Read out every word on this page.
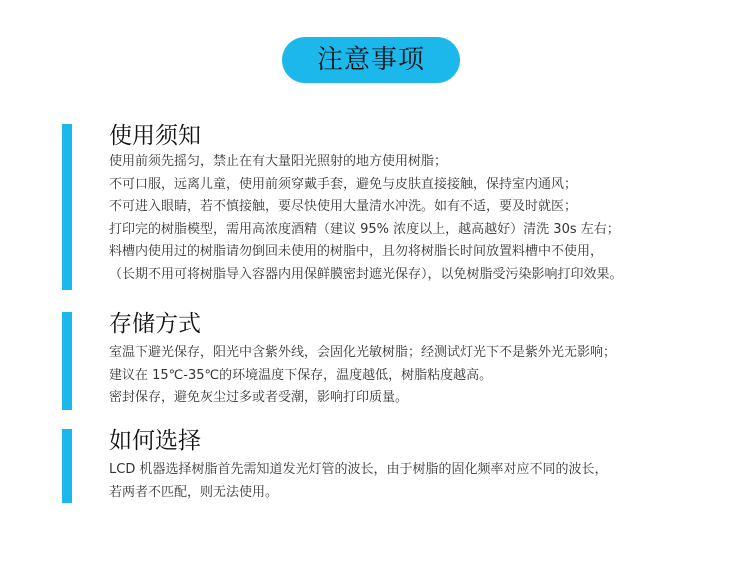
注意事项
使用须知
使用前须先摇匀，禁止在有大量阳光照射的地方使用树脂；
不可口服，远离儿童，使用前须穿戴手套，避免与皮肤直接接触，保持室内通风；
不可进入眼睛，若不慎接触，要尽快使用大量清水冲洗。如有不适，要及时就医；
打印完的树脂模型，需用高浓度酒精（建议 95% 浓度以上，越高越好）清洗 30s 左右；
料槽内使用过的树脂请勿倒回未使用的树脂中，且勿将树脂长时间放置料槽中不使用，
（长期不用可将树脂导入容器内用保鲜膜密封遮光保存），以免树脂受污染影响打印效果。
存储方式
室温下避光保存，阳光中含紫外线，会固化光敏树脂；经测试灯光下不是紫外光无影响；
建议在 15℃-35℃的环境温度下保存，温度越低，树脂粘度越高。
密封保存，避免灰尘过多或者受潮，影响打印质量。
如何选择
LCD 机器选择树脂首先需知道发光灯管的波长，由于树脂的固化频率对应不同的波长，
若两者不匹配，则无法使用。
